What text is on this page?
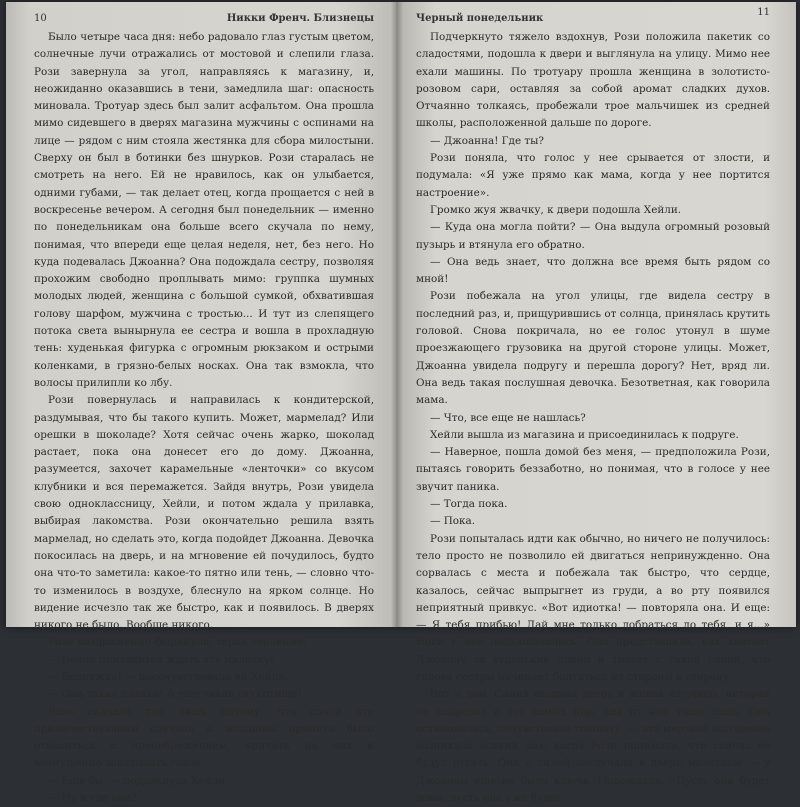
10	Никки Френч. Близнецы

Было четыре часа дня: небо радовало глаз густым цветом, солнечные лучи отражались от мостовой и слепили глаза. Рози завернула за угол, направляясь к магазину, и, неожиданно оказавшись в тени, замедлила шаг: опасность миновала. Тротуар здесь был залит асфальтом. Она прошла мимо сидевшего в дверях магазина мужчины с оспинами на лице — рядом с ним стояла жестянка для сбора милостыни. Сверху он был в ботинки без шнурков. Рози старалась не смотреть на него. Ей не нравилось, как он улыбается, одними губами, — так делает отец, когда прощается с ней в воскресенье вечером. А сегодня был понедельник — именно по понедельникам она больше всего скучала по нему, понимая, что впереди еще целая неделя, нет, без него. Но куда подевалась Джоанна? Она подождала сестру, позволяя прохожим свободно проплывать мимо: группка шумных молодых людей, женщина с большой сумкой, обхватившая голову шарфом, мужчина с тростью... И тут из слепящего потока света вынырнула ее сестра и вошла в прохладную тень: худенькая фигурка с огромным рюкзаком и острыми коленками, в грязно-белых носках. Она так взмокла, что волосы прилипли ко лбу.

Рози повернулась и направилась к кондитерской, раздумывая, что бы такого купить. Может, мармелад? Или орешки в шоколаде? Хотя сейчас очень жарко, шоколад растает, пока она донесет его до дому. Джоанна, разумеется, захочет карамельные «ленточки» со вкусом клубники и вся перемажется. Зайдя внутрь, Рози увидела свою одноклассницу, Хейли, и потом ждала у прилавка, выбирая лакомства. Рози окончательно решила взять мармелад, но сделать это, когда подойдет Джоанна. Девочка покосилась на дверь, и на мгновение ей почудилось, будто она что-то заметила: какое-то пятно или тень, — словно что-то изменилось в воздухе, блеснуло на ярком солнце. Но видение исчезло так же быстро, как и появилось. В дверях никого не было. Вообще никого.

Рози раздраженно фыркнула, теряя терпение:

— Вечно приходится ждать эту малявку!

— Бедняжка! — посочувствовала ей Хейли.

— Она такая плакса! А еще такая скукотища!

Рози сказала так лишь потому, что сочла это приличествующим случаю: к младшим принято было относиться с пренебрежением, кричать на них и возмущенно закатывать глаза.

— Еще бы, — поддакнула Хейли.

— Ну и где она?

Черный понедельник
11

Подчеркнуто тяжело вздохнув, Рози положила пакетик со сладостями, подошла к двери и выглянула на улицу. Мимо нее ехали машины. По тротуару прошла женщина в золотисто-розовом сари, оставляя за собой аромат сладких духов. Отчаянно толкаясь, пробежали трое мальчишек из средней школы, расположенной дальше по дороге.

— Джоанна! Где ты?

Рози поняла, что голос у нее срывается от злости, и подумала: «Я уже прямо как мама, когда у нее портится настроение».

Громко жуя жвачку, к двери подошла Хейли.

— Куда она могла пойти? — Она выдула огромный розовый пузырь и втянула его обратно.

— Она ведь знает, что должна все время быть рядом со мной!

Рози побежала на угол улицы, где видела сестру в последний раз, и, прищурившись от солнца, принялась крутить головой. Снова покричала, но ее голос утонул в шуме проезжающего грузовика на другой стороне улицы. Может, Джоанна увидела подругу и перешла дорогу? Нет, вряд ли. Она ведь такая послушная девочка. Безответная, как говорила мама.

— Что, все еще не нашлась?

Хейли вышла из магазина и присоединилась к подруге.

— Наверное, пошла домой без меня, — предположила Рози, пытаясь говорить беззаботно, но понимая, что в голосе у нее звучит паника.

— Тогда пока.

— Пока.

Рози попыталась идти как обычно, но ничего не получилось: тело просто не позволило ей двигаться непринужденно. Она сорвалась с места и побежала так быстро, что сердце, казалось, сейчас выпрыгнет из груди, а во рту появился неприятный привкус. «Вот идиотка! — повторяла она. И еще: — Я тебя прибью! Дай мне только добраться до тебя, и я...» Ноги у нее подкашивались. Она представляла, как хватает Джоанну за худенькие плечи и трясет с такой силой, что голова сестры начинает болтаться из стороны в сторону.

Вот и дом. Синяя входная дверь и живая изгородь, которая не подрезал с тех самых пор, как от них ушел папа. Она остановилась, почувствовав тошноту, — это мерзкое ощущение возникало всякий раз, когда Рози понимала, что сейчас ее будут ругать. Она с силой постучала в дверь молотком — у Джоанны еще не было ключа. Подождала. «Пусть она будет дома, пусть она уже будет
